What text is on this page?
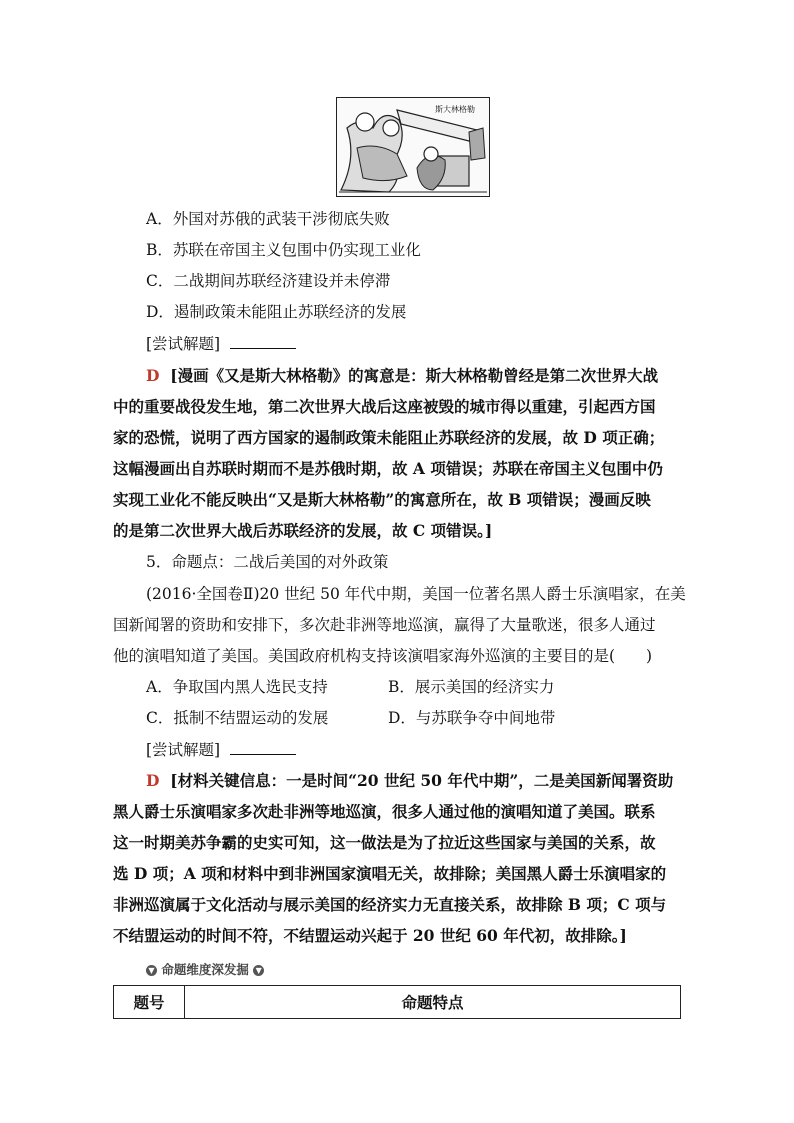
斯大林格勒
A．外国对苏俄的武装干涉彻底失败
B．苏联在帝国主义包围中仍实现工业化
C．二战期间苏联经济建设并未停滞
D．遏制政策未能阻止苏联经济的发展
[尝试解题]
D [漫画《又是斯大林格勒》的寓意是：斯大林格勒曾经是第二次世界大战
中的重要战役发生地，第二次世界大战后这座被毁的城市得以重建，引起西方国
家的恐慌，说明了西方国家的遏制政策未能阻止苏联经济的发展，故 D 项正确；
这幅漫画出自苏联时期而不是苏俄时期，故 A 项错误；苏联在帝国主义包围中仍
实现工业化不能反映出“又是斯大林格勒”的寓意所在，故 B 项错误；漫画反映
的是第二次世界大战后苏联经济的发展，故 C 项错误。]
5．命题点：二战后美国的对外政策
(2016·全国卷Ⅱ)20 世纪 50 年代中期，美国一位著名黑人爵士乐演唱家，在美
国新闻署的资助和安排下，多次赴非洲等地巡演，赢得了大量歌迷，很多人通过
他的演唱知道了美国。美国政府机构支持该演唱家海外巡演的主要目的是(　　)
A．争取国内黑人选民支持	B．展示美国的经济实力
C．抵制不结盟运动的发展	D．与苏联争夺中间地带
[尝试解题]
D [材料关键信息：一是时间“20 世纪 50 年代中期”，二是美国新闻署资助
黑人爵士乐演唱家多次赴非洲等地巡演，很多人通过他的演唱知道了美国。联系
这一时期美苏争霸的史实可知，这一做法是为了拉近这些国家与美国的关系，故
选 D 项；A 项和材料中到非洲国家演唱无关，故排除；美国黑人爵士乐演唱家的
非洲巡演属于文化活动与展示美国的经济实力无直接关系，故排除 B 项；C 项与
不结盟运动的时间不符，不结盟运动兴起于 20 世纪 60 年代初，故排除。]
▼ 命题维度深发掘 ▼
题号	命题特点
